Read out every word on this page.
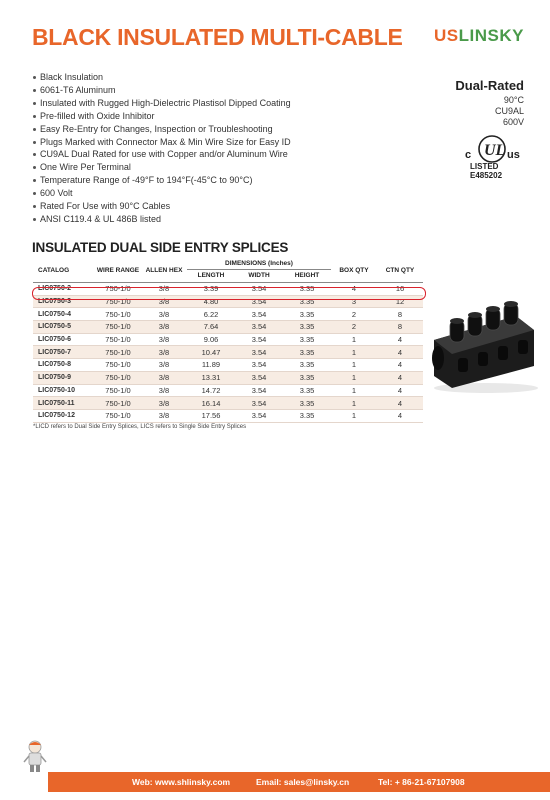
BLACK INSULATED MULTI-CABLE USLINSKY
Black Insulation
6061-T6 Aluminum
Insulated with Rugged High-Dielectric Plastisol Dipped Coating
Pre-filled with Oxide Inhibitor
Easy Re-Entry for Changes, Inspection or Troubleshooting
Plugs Marked with Connector Max & Min Wire Size for Easy ID
CU9AL Dual Rated for use with Copper and/or Aluminum Wire
One Wire Per Terminal
Temperature Range of -49°F to 194°F(-45°C to 90°C)
600 Volt
Rated For Use with 90°C Cables
ANSI C119.4 & UL 486B listed
Dual-Rated
90°C
CU9AL
600V
c UL us
LISTED
E485202
INSULATED DUAL SIDE ENTRY SPLICES
CATALOG	WIRE RANGE	ALLEN HEX	DIMENSIONS (Inches)			BOX QTY	CTN QTY
			LENGTH	WIDTH	HEIGHT		
LIC0750-2	750-1/0	3/8	3.39	3.54	3.35	4	16
LIC0750-3	750-1/0	3/8	4.80	3.54	3.35	3	12
LIC0750-4	750-1/0	3/8	6.22	3.54	3.35	2	8
LIC0750-5	750-1/0	3/8	7.64	3.54	3.35	2	8
LIC0750-6	750-1/0	3/8	9.06	3.54	3.35	1	4
LIC0750-7	750-1/0	3/8	10.47	3.54	3.35	1	4
LIC0750-8	750-1/0	3/8	11.89	3.54	3.35	1	4
LIC0750-9	750-1/0	3/8	13.31	3.54	3.35	1	4
LIC0750-10	750-1/0	3/8	14.72	3.54	3.35	1	4
LIC0750-11	750-1/0	3/8	16.14	3.54	3.35	1	4
LIC0750-12	750-1/0	3/8	17.56	3.54	3.35	1	4
*LICD refers to Dual Side Entry Splices, LICS refers to Single Side Entry Splices
Web: www.shlinsky.com	Email: sales@linsky.cn	Tel: + 86-21-67107908
